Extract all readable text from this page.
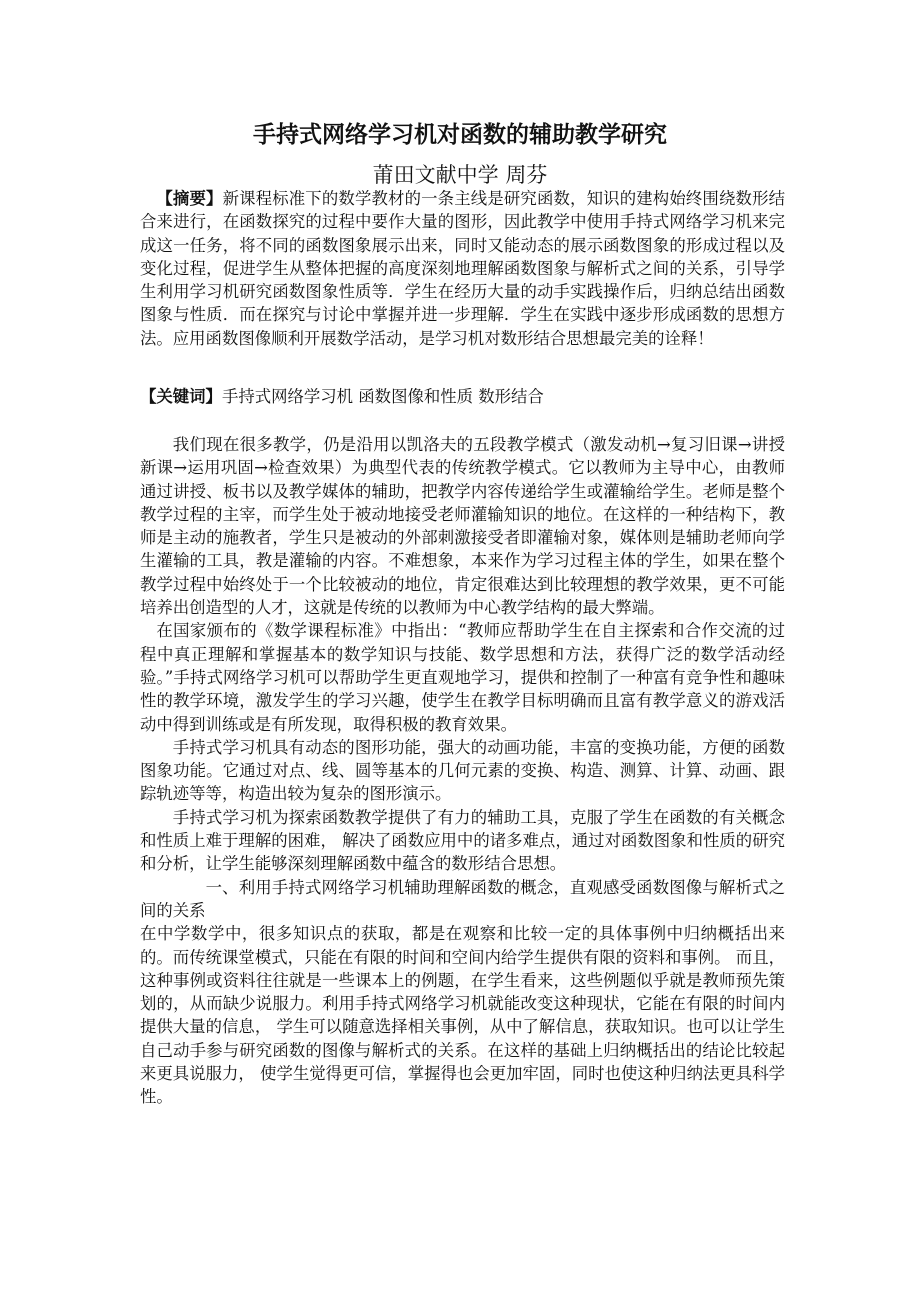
手持式网络学习机对函数的辅助教学研究
莆田文献中学 周芬

【摘要】新课程标准下的数学教材的一条主线是研究函数，知识的建构始终围绕数形结合来进行，在函数探究的过程中要作大量的图形，因此教学中使用手持式网络学习机来完成这一任务，将不同的函数图象展示出来，同时又能动态的展示函数图象的形成过程以及变化过程，促进学生从整体把握的高度深刻地理解函数图象与解析式之间的关系，引导学生利用学习机研究函数图象性质等．学生在经历大量的动手实践操作后，归纳总结出函数图象与性质．而在探究与讨论中掌握并进一步理解．学生在实践中逐步形成函数的思想方法。应用函数图像顺利开展数学活动，是学习机对数形结合思想最完美的诠释！

【关键词】手持式网络学习机 函数图像和性质 数形结合

我们现在很多教学，仍是沿用以凯洛夫的五段教学模式（激发动机→复习旧课→讲授新课→运用巩固→检查效果）为典型代表的传统教学模式。它以教师为主导中心，由教师通过讲授、板书以及教学媒体的辅助，把教学内容传递给学生或灌输给学生。老师是整个教学过程的主宰，而学生处于被动地接受老师灌输知识的地位。在这样的一种结构下，教师是主动的施教者，学生只是被动的外部刺激接受者即灌输对象，媒体则是辅助老师向学生灌输的工具，教是灌输的内容。不难想象，本来作为学习过程主体的学生，如果在整个教学过程中始终处于一个比较被动的地位，肯定很难达到比较理想的教学效果，更不可能培养出创造型的人才，这就是传统的以教师为中心教学结构的最大弊端。

在国家颁布的《数学课程标准》中指出：“教师应帮助学生在自主探索和合作交流的过程中真正理解和掌握基本的数学知识与技能、数学思想和方法，获得广泛的数学活动经验。”手持式网络学习机可以帮助学生更直观地学习，提供和控制了一种富有竞争性和趣味性的教学环境，激发学生的学习兴趣，使学生在教学目标明确而且富有教学意义的游戏活动中得到训练或是有所发现，取得积极的教育效果。

手持式学习机具有动态的图形功能，强大的动画功能，丰富的变换功能，方便的函数图象功能。它通过对点、线、圆等基本的几何元素的变换、构造、测算、计算、动画、跟踪轨迹等等，构造出较为复杂的图形演示。

手持式学习机为探索函数教学提供了有力的辅助工具，克服了学生在函数的有关概念和性质上难于理解的困难， 解决了函数应用中的诸多难点，通过对函数图象和性质的研究和分析，让学生能够深刻理解函数中蕴含的数形结合思想。

一、利用手持式网络学习机辅助理解函数的概念，直观感受函数图像与解析式之间的关系

在中学数学中，很多知识点的获取，都是在观察和比较一定的具体事例中归纳概括出来的。而传统课堂模式，只能在有限的时间和空间内给学生提供有限的资料和事例。 而且，这种事例或资料往往就是一些课本上的例题，在学生看来，这些例题似乎就是教师预先策划的，从而缺少说服力。利用手持式网络学习机就能改变这种现状，它能在有限的时间内提供大量的信息， 学生可以随意选择相关事例，从中了解信息，获取知识。也可以让学生自己动手参与研究函数的图像与解析式的关系。在这样的基础上归纳概括出的结论比较起来更具说服力， 使学生觉得更可信，掌握得也会更加牢固，同时也使这种归纳法更具科学性。
